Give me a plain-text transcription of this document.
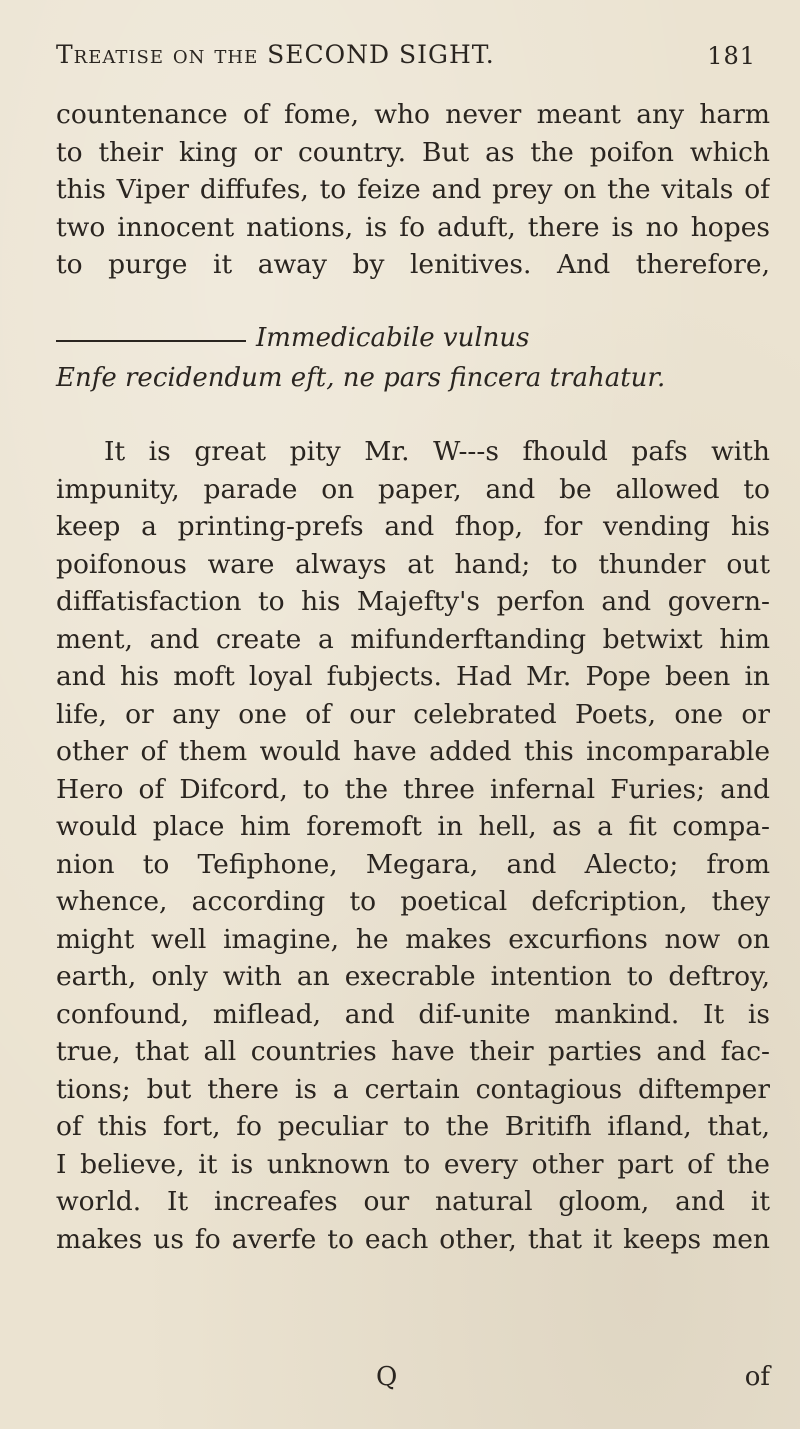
Treatise on the SECOND SIGHT.	181
countenance of fome, who never meant any harm
to their king or country. But as the poifon which
this Viper diffufes, to feize and prey on the vitals of
two innocent nations, is fo aduft, there is no hopes
to purge it away by lenitives. And therefore,
Immedicabile vulnus
Enfe recidendum eft, ne pars fincera trahatur.
It is great pity Mr. W---s fhould pafs with
impunity, parade on paper, and be allowed to
keep a printing-prefs and fhop, for vending his
poifonous ware always at hand; to thunder out
diffatisfaction to his Majefty's perfon and govern-
ment, and create a mifunderftanding betwixt him
and his moft loyal fubjects. Had Mr. Pope been in
life, or any one of our celebrated Poets, one or
other of them would have added this incomparable
Hero of Difcord, to the three infernal Furies; and
would place him foremoft in hell, as a fit compa-
nion to Tefiphone, Megara, and Alecto; from
whence, according to poetical defcription, they
might well imagine, he makes excurfions now on
earth, only with an execrable intention to deftroy,
confound, miflead, and dif-unite mankind. It is
true, that all countries have their parties and fac-
tions; but there is a certain contagious diftemper
of this fort, fo peculiar to the Britifh ifland, that,
I believe, it is unknown to every other part of the
world. It increafes our natural gloom, and it
makes us fo averfe to each other, that it keeps men
Q	of
